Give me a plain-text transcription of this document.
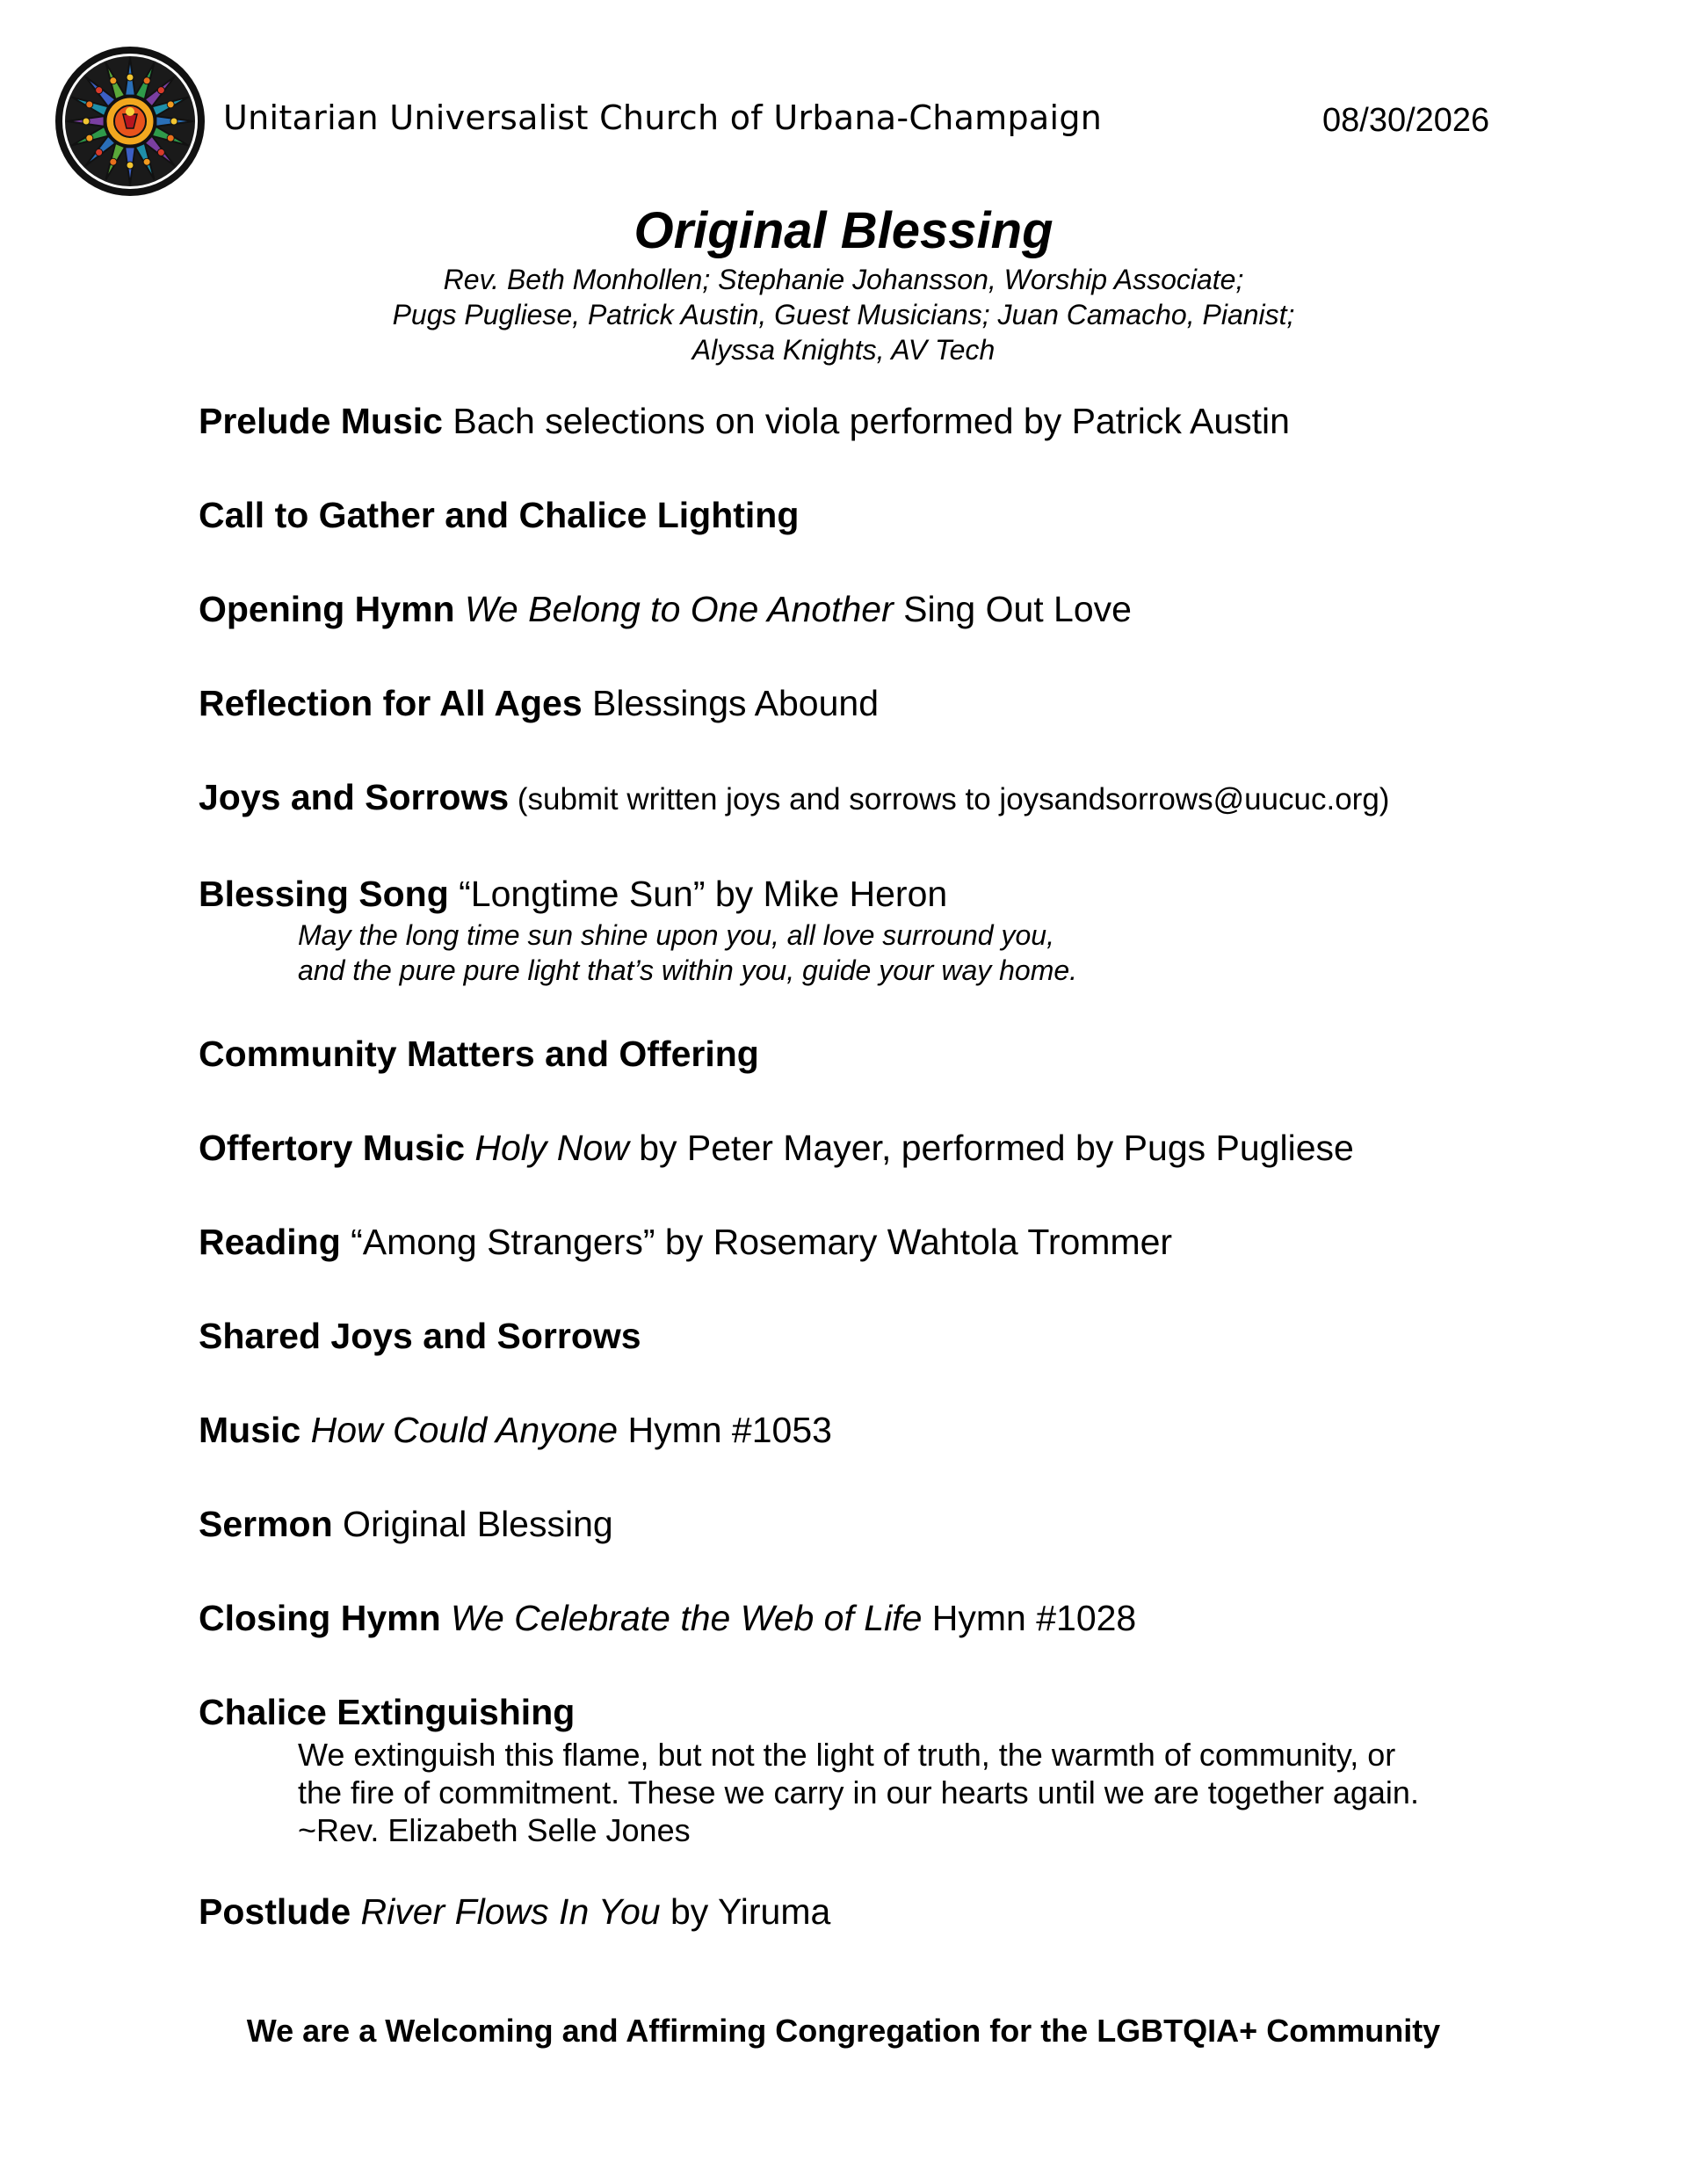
Unitarian Universalist Church of Urbana-Champaign	08/30/2026
Original Blessing
Rev. Beth Monhollen; Stephanie Johansson, Worship Associate;
Pugs Pugliese, Patrick Austin, Guest Musicians; Juan Camacho, Pianist;
Alyssa Knights, AV Tech
Prelude Music Bach selections on viola performed by Patrick Austin
Call to Gather and Chalice Lighting
Opening Hymn We Belong to One Another Sing Out Love
Reflection for All Ages Blessings Abound
Joys and Sorrows (submit written joys and sorrows to joysandsorrows@uucuc.org)
Blessing Song “Longtime Sun” by Mike Heron
May the long time sun shine upon you, all love surround you,
and the pure pure light that’s within you, guide your way home.
Community Matters and Offering
Offertory Music Holy Now by Peter Mayer, performed by Pugs Pugliese
Reading “Among Strangers” by Rosemary Wahtola Trommer
Shared Joys and Sorrows
Music How Could Anyone Hymn #1053
Sermon Original Blessing
Closing Hymn We Celebrate the Web of Life Hymn #1028
Chalice Extinguishing
We extinguish this flame, but not the light of truth, the warmth of community, or
the fire of commitment. These we carry in our hearts until we are together again.
~Rev. Elizabeth Selle Jones
Postlude River Flows In You by Yiruma
We are a Welcoming and Affirming Congregation for the LGBTQIA+ Community
